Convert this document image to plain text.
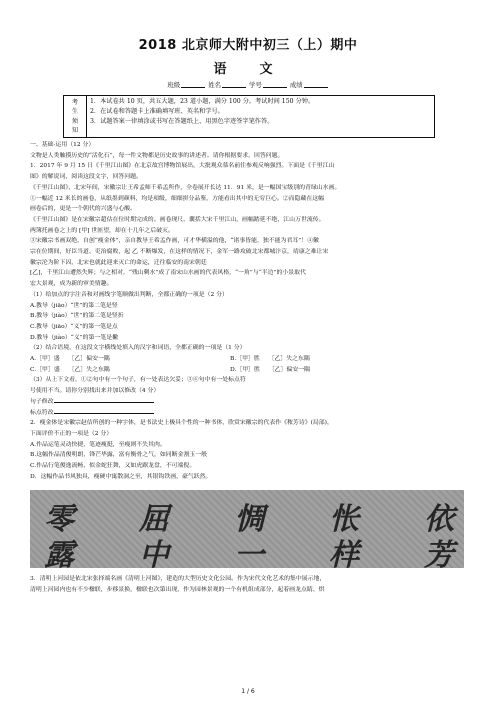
2018 北京师大附中初三（上）期中
语　文
班级	姓名	学号	成绩
考
生
须
知
1．本试卷共 10 页，共五大题，23 道小题，满分 100 分。考试时间 150 分钟。
2．在试卷和答题卡上准确填写班、英名和学号。
3．试题答案一律填涂或书写在答题纸上，用黑色字迹签字笔作答。

一、基础·运用（12 分）

文物是人类触摸历史的“活化石”，每一件文物都是历史故事的讲述者。请你根据要求，回答问题。

1．2017 年 9 月 15 日《千里江山图》在北京故宫博物馆展出，大批观众慕名前往参观反响强烈。下面是《千里江山

图》的解说词，阅读这段文字，回答问题。

《千里江山图》，北宋年间，宋徽宗让王希孟师千希孟所作，全卷展开长达 11．91 米，是一幅国宝级别的青绿山水画。

①一幅近 12 米长的画卷，从纸墨到颜料，均是项级，细细拼分品鉴，方能看出其中的无穷巨心。②而隐藏在这幅

画卷后的，更是一个朝代的兴盛与心酸。

《千里江山图》是在宋徽宗超估在位时期完成的。画卷现尺，囊括大宋千里江山，画幅踏延不绝，江山万世流传。

两簿托画卷之上的 [甲] 世匪望，却在十几年之后破灭。

③宋徽宗书画双绝，自创“瘦金体”，亲自教导王希孟作画，可才华横溢的他，“诸事皆能，独不能为君耳”！④徽

宗在位期间，好臣当道、吏治腐败，起 乙 不断爆发，在这样的情况下，金军一路攻破北宋都城汴京，靖康之难让宋

徽宗沦为阶下囚，北宋也就此迎来灭亡的命运，迁往临安的南宋朝廷

[乙]，千里江山遭然失辉；与之相对，“残山剩水”成了南宋山水画的代表风格，“一角”与“半边”的小景取代

宏大景观，成为新的审美情趣。

（1）给加点的字注音和对画线字笔顺做出判断，全都正确的一项是（2 分）

A.教导（jiāo）“世”的第二笔是竖

B.教导（jiào）“世”的第二笔是竖折

C.教导（jiāo）“义”的第一笔是点

D.教导（jiào）“义”的第一笔是撇

（2）结合语境，在这段文字横线处填入的汉字和词语，全都正确的一项是（1 分）

A.［甲］盛　　［乙］偏安一隅	B.［甲］胜　　［乙］失之东隅

C.［甲］盛　　［乙］失之东隅	D.［甲］胜　　［乙］偏安一隅

（3）从上下文看，①②句中有一个句子，有一处表达欠妥；③④句中有一处标点符

号使用不当。请你分别找出来并加以修改（4 分）

句子修改

标点符改

2．瘦金体是宋徽宗赵佶所创的一种字体，是书法史上极具个性的一种书体，欣赏宋徽宗的代表作《秾芳诗》(局部)，

下面评价不正的一项是（2 分）

A.作品运笔灵动快捷，笔迹瘦挺，至瘦则不失其肉。

B.这幅作品清俊明朗，锋芒毕露，富有衡骨之气，如同断金割玉一般

C.作品行笔俊逸流畅，似金蛇狂舞，又如虎踞龙盘，不可端倪。

D．这幅作品书风独具，瘦硬中寓散洞之至，其银钩铁画，豪气跃然。

零 屈 惆 怅 依
露 中 一 样 芳

3．清明上河园是依北宋张择端名画《清明上河图》，建造的大型历史文化公园。作为宋代文化艺术的集中展示地，

清明上河园内也有不少楹联，步移景换，楹联也次第出现，作为园林景观的一个有机组成部分，起着画龙点睛、烘

1 / 6
